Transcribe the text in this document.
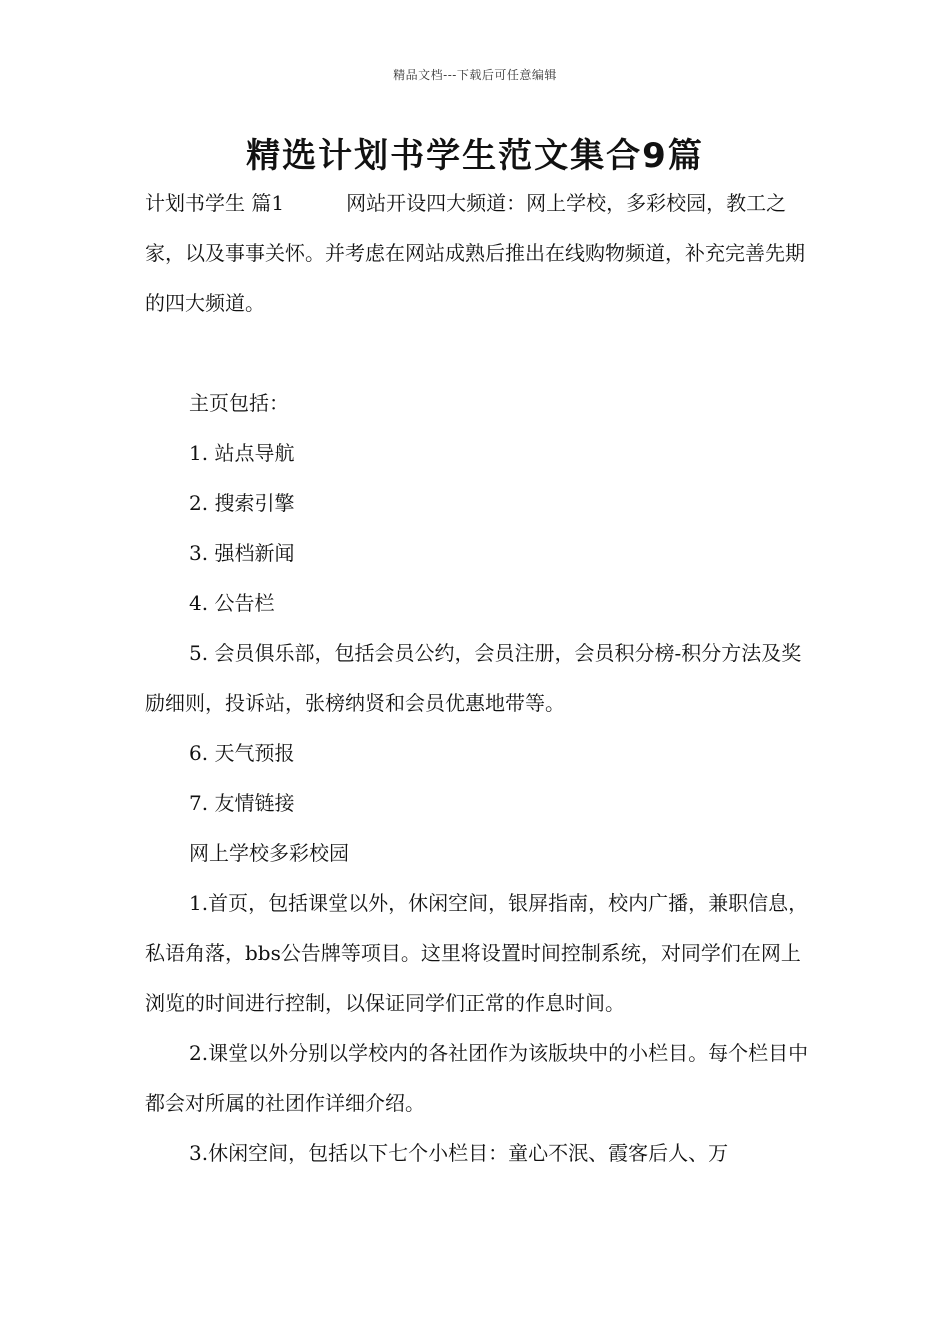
精品文档---下载后可任意编辑
精选计划书学生范文集合9篇

计划书学生 篇1	网站开设四大频道：网上学校，多彩校园，教工之家，以及事事关怀。并考虑在网站成熟后推出在线购物频道，补充完善先期的四大频道。

主页包括：

1. 站点导航

2. 搜索引擎

3. 强档新闻

4. 公告栏

5. 会员俱乐部，包括会员公约，会员注册，会员积分榜-积分方法及奖励细则，投诉站，张榜纳贤和会员优惠地带等。

6. 天气预报

7. 友情链接

网上学校多彩校园

1.首页，包括课堂以外，休闲空间，银屏指南，校内广播，兼职信息，私语角落，bbs公告牌等项目。这里将设置时间控制系统，对同学们在网上浏览的时间进行控制，以保证同学们正常的作息时间。

2.课堂以外分别以学校内的各社团作为该版块中的小栏目。每个栏目中都会对所属的社团作详细介绍。

3.休闲空间，包括以下七个小栏目：童心不泯、霞客后人、万
